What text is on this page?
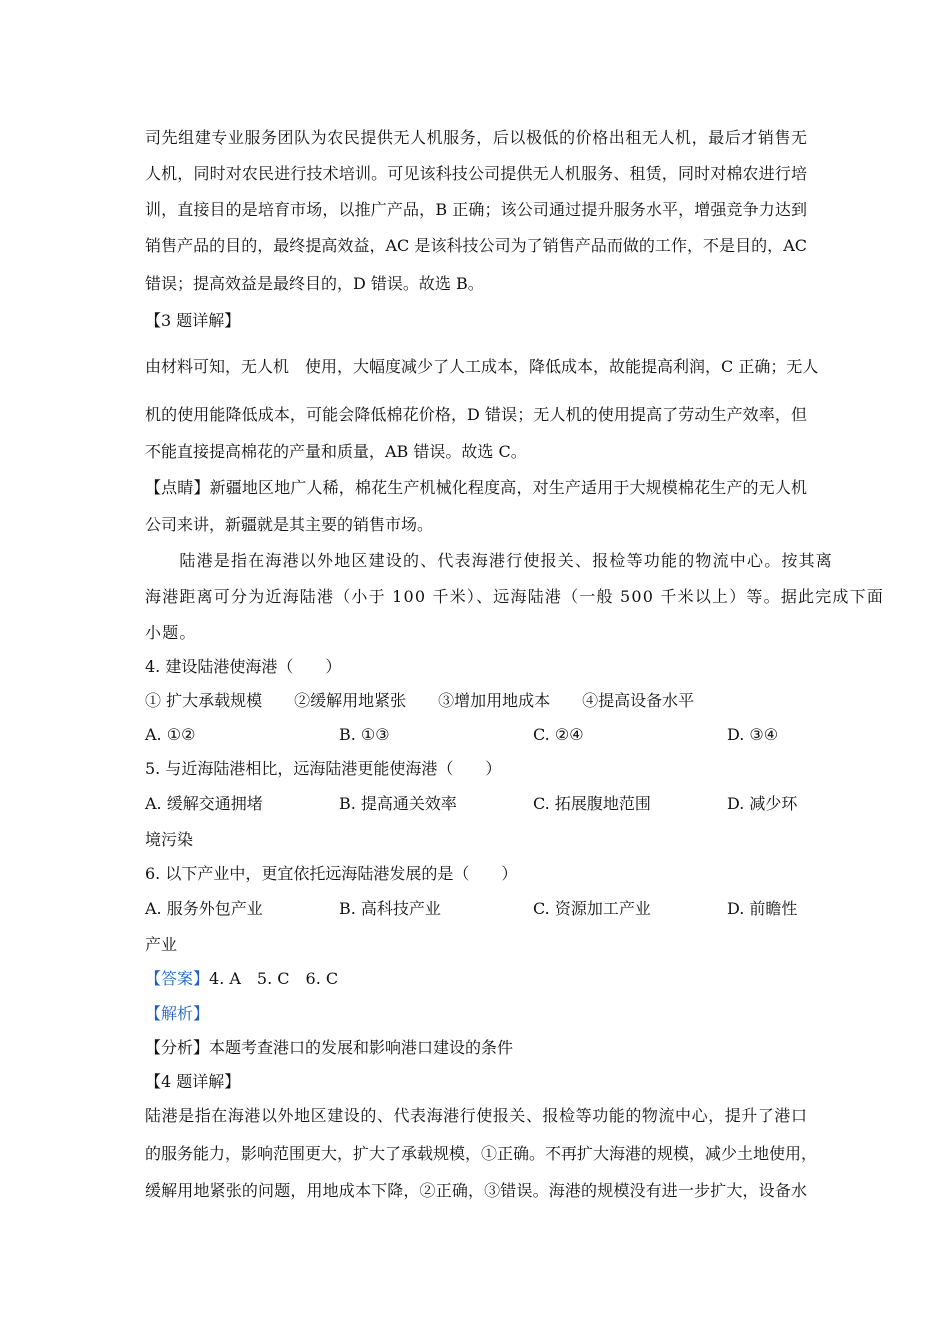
司先组建专业服务团队为农民提供无人机服务，后以极低的价格出租无人机，最后才销售无
人机，同时对农民进行技术培训。可见该科技公司提供无人机服务、租赁，同时对棉农进行培
训，直接目的是培育市场，以推广产品，B 正确；该公司通过提升服务水平，增强竞争力达到
销售产品的目的，最终提高效益，AC 是该科技公司为了销售产品而做的工作，不是目的，AC
错误；提高效益是最终目的，D 错误。故选 B。
【3 题详解】
由材料可知，无人机　使用，大幅度减少了人工成本，降低成本，故能提高利润，C 正确；无人
机的使用能降低成本，可能会降低棉花价格，D 错误；无人机的使用提高了劳动生产效率，但
不能直接提高棉花的产量和质量，AB 错误。故选 C。
【点睛】新疆地区地广人稀，棉花生产机械化程度高，对生产适用于大规模棉花生产的无人机
公司来讲，新疆就是其主要的销售市场。
　　陆港是指在海港以外地区建设的、代表海港行使报关、报检等功能的物流中心。按其离
海港距离可分为近海陆港（小于 100 千米）、远海陆港（一般 500 千米以上）等。据此完成下面
小题。
4. 建设陆港使海港（　　）
① 扩大承载规模　　②缓解用地紧张　　③增加用地成本　　④提高设备水平
A. ①②	B. ①③	C. ②④	D. ③④
5. 与近海陆港相比，远海陆港更能使海港（　　）
A. 缓解交通拥堵	B. 提高通关效率	C. 拓展腹地范围	D. 减少环
境污染
6. 以下产业中，更宜依托远海陆港发展的是（　　）
A. 服务外包产业	B. 高科技产业	C. 资源加工产业	D. 前瞻性
产业
【答案】4. A　5. C　6. C
【解析】
【分析】本题考查港口的发展和影响港口建设的条件
【4 题详解】
陆港是指在海港以外地区建设的、代表海港行使报关、报检等功能的物流中心，提升了港口
的服务能力，影响范围更大，扩大了承载规模，①正确。不再扩大海港的规模，减少土地使用，
缓解用地紧张的问题，用地成本下降，②正确，③错误。海港的规模没有进一步扩大，设备水
